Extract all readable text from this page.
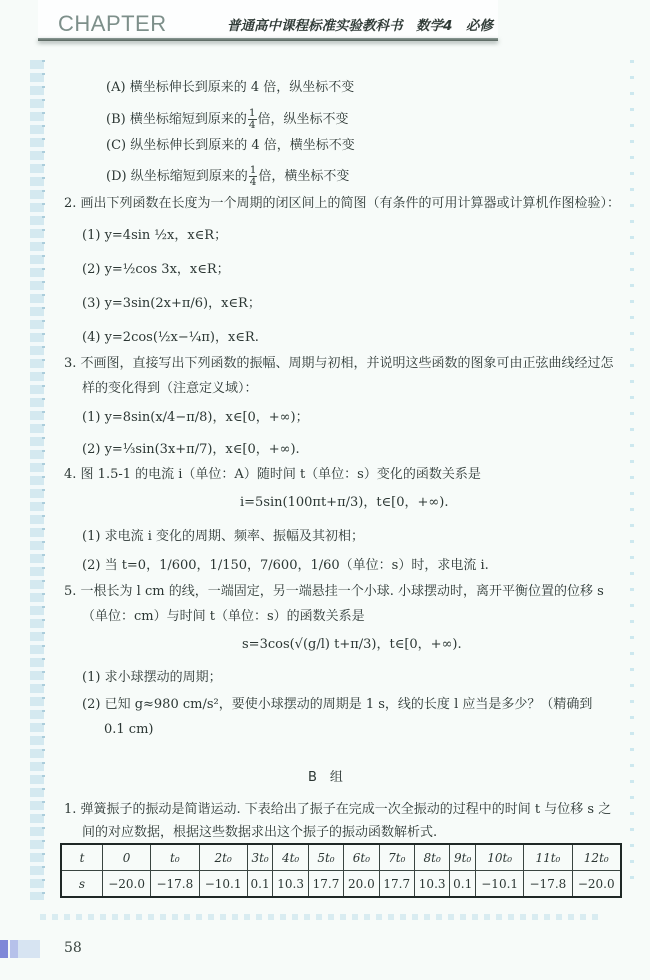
CHAPTER	普通高中课程标准实验教科书　数学4　必修
(A) 横坐标伸长到原来的 4 倍，纵坐标不变
(B) 横坐标缩短到原来的 $\frac{1}{4}$ 倍，纵坐标不变
(C) 纵坐标伸长到原来的 4 倍，横坐标不变
(D) 纵坐标缩短到原来的 $\frac{1}{4}$ 倍，横坐标不变
2. 画出下列函数在长度为一个周期的闭区间上的简图（有条件的可用计算器或计算机作图检验）：
(1) y=4sin ½x，x∈R；
(2) y=½cos 3x，x∈R；
(3) y=3sin(2x+π/6)，x∈R；
(4) y=2cos(½x−¼π)，x∈R.
3. 不画图，直接写出下列函数的振幅、周期与初相，并说明这些函数的图象可由正弦曲线经过怎
样的变化得到（注意定义域）：
(1) y=8sin(x/4−π/8)，x∈[0，+∞)；
(2) y=⅓sin(3x+π/7)，x∈[0，+∞).
4. 图 1.5-1 的电流 i（单位：A）随时间 t（单位：s）变化的函数关系是
i=5sin(100πt+π/3)，t∈[0，+∞).
(1) 求电流 i 变化的周期、频率、振幅及其初相；
(2) 当 t=0，1/600，1/150，7/600，1/60（单位：s）时，求电流 i.
5. 一根长为 l cm 的线，一端固定，另一端悬挂一个小球. 小球摆动时，离开平衡位置的位移 s
（单位：cm）与时间 t（单位：s）的函数关系是
s=3cos(√(g/l) t+π/3)，t∈[0，+∞).
(1) 求小球摆动的周期；
(2) 已知 g≈980 cm/s²，要使小球摆动的周期是 1 s，线的长度 l 应当是多少？（精确到
0.1 cm)
B　组
1. 弹簧振子的振动是简谐运动. 下表给出了振子在完成一次全振动的过程中的时间 t 与位移 s 之
间的对应数据，根据这些数据求出这个振子的振动函数解析式.
t	0	t₀	2t₀	3t₀	4t₀	5t₀	6t₀	7t₀	8t₀	9t₀	10t₀	11t₀	12t₀
s	−20.0	−17.8	−10.1	0.1	10.3	17.7	20.0	17.7	10.3	0.1	−10.1	−17.8	−20.0
58
